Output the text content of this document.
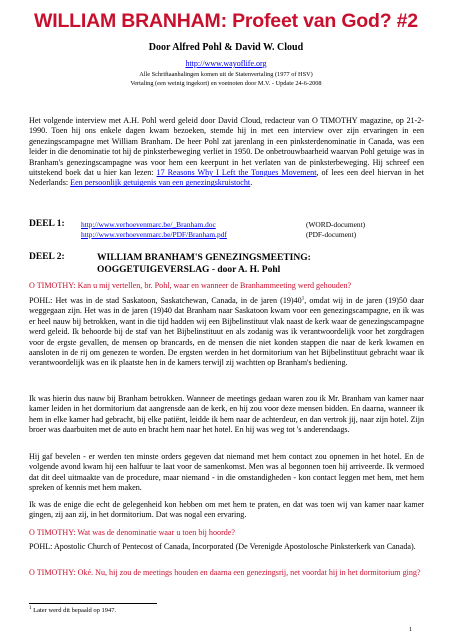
WILLIAM BRANHAM: Profeet van God? #2
Door Alfred Pohl & David W. Cloud
http://www.wayoflife.org
Alle Schriftaanhalingen komen uit de Statenvertaling (1977 of HSV)
Vertaling (een weinig ingekort) en voetnoten door M.V. - Update 24-6-2008
Het volgende interview met A.H. Pohl werd geleid door David Cloud, redacteur van O TIMOTHY magazine, op 21-2-1990. Toen hij ons enkele dagen kwam bezoeken, stemde hij in met een interview over zijn ervaringen in een genezingscampagne met William Branham. De heer Pohl zat jarenlang in een pinksterdenominatie in Canada, was een leider in die denominatie tot hij de pinksterbeweging verliet in 1950. De onbetrouwbaarheid waarvan Pohl getuige was in Branham's genezingscampagne was voor hem een keerpunt in het verlaten van de pinksterbeweging. Hij schreef een uitstekend boek dat u hier kan lezen: 17 Reasons Why I Left the Tongues Movement, of lees een deel hiervan in het Nederlands: Een persoonlijk getuigenis van een genezingskruistocht.
DEEL 1: http://www.verhoevenmarc.be/_Branham.doc	(WORD-document)
http://www.verhoevenmarc.be/PDF/Branham.pdf	(PDF-document)
DEEL 2:	WILLIAM BRANHAM'S GENEZINGSMEETING:
OOGGETUIGEVERSLAG - door A. H. Pohl
O TIMOTHY: Kan u mij vertellen, br. Pohl, waar en wanneer de Branhammeeting werd gehouden?
POHL: Het was in de stad Saskatoon, Saskatchewan, Canada, in de jaren $(19)40^1$, omdat wij in de jaren (19)50 daar weggegaan zijn. Het was in de jaren (19)40 dat Branham naar Saskatoon kwam voor een genezingscampagne, en ik was er heel nauw bij betrokken, want in die tijd hadden wij een Bijbelinstituut vlak naast de kerk waar de genezingscampagne werd geleid. Ik behoorde bij de staf van het Bijbelinstituut en als zodanig was ik verantwoordelijk voor het zorgdragen voor de ergste gevallen, de mensen op brancards, en de mensen die niet konden stappen die naar de kerk kwamen en aansloten in de rij om genezen te worden. De ergsten werden in het dormitorium van het Bijbelinstituut gebracht waar ik verantwoordelijk was en ik plaatste hen in de kamers terwijl zij wachtten op Branham's bediening.
Ik was hierin dus nauw bij Branham betrokken. Wanneer de meetings gedaan waren zou ik Mr. Branham van kamer naar kamer leiden in het dormitorium dat aangrensde aan de kerk, en hij zou voor deze mensen bidden. En daarna, wanneer ik hem in elke kamer had gebracht, bij elke patiënt, leidde ik hem naar de achterdeur, en dan vertrok jij, naar zijn hotel. Zijn broer was daarbuiten met de auto en bracht hem naar het hotel. En hij was weg tot 's anderendaags.
Hij gaf bevelen - er werden ten minste orders gegeven dat niemand met hem contact zou opnemen in het hotel. En de volgende avond kwam hij een halfuur te laat voor de samenkomst. Men was al begonnen toen hij arriveerde. Ik vermoed dat dit deel uitmaakte van de procedure, maar niemand - in die omstandigheden - kon contact leggen met hem, met hem spreken of kennis met hem maken.
Ik was de enige die echt de gelegenheid kon hebben om met hem te praten, en dat was toen wij van kamer naar kamer gingen, zij aan zij, in het dormitorium. Dat was nogal een ervaring.
O TIMOTHY: Wat was de denominatie waar u toen bij hoorde?
POHL: Apostolic Church of Pentecost of Canada, Incorporated (De Verenigde Apostolosche Pinksterkerk van Canada).
O TIMOTHY: Oké. Nu, hij zou de meetings houden en daarna een genezingsrij, net voordat hij in het dormitorium ging?
$^1$ Later werd dit bepaald op 1947.
1
